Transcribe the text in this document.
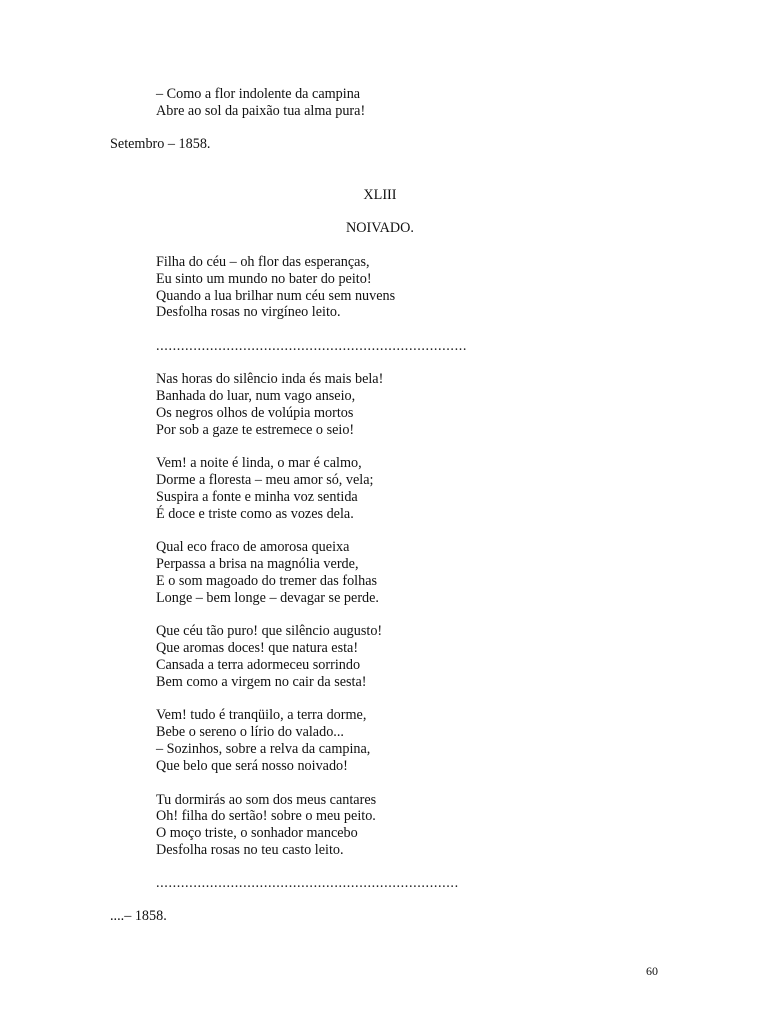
– Como a flor indolente da campina
Abre ao sol da paixão tua alma pura!
Setembro – 1858.
XLIII
NOIVADO.
Filha do céu – oh flor das esperanças,
Eu sinto um mundo no bater do peito!
Quando a lua brilhar num céu sem nuvens
Desfolha rosas no virgíneo leito.
...........................................................................
Nas horas do silêncio inda és mais bela!
Banhada do luar, num vago anseio,
Os negros olhos de volúpia mortos
Por sob a gaze te estremece o seio!
Vem! a noite é linda, o mar é calmo,
Dorme a floresta – meu amor só, vela;
Suspira a fonte e minha voz sentida
É doce e triste como as vozes dela.
Qual eco fraco de amorosa queixa
Perpassa a brisa na magnólia verde,
E o som magoado do tremer das folhas
Longe – bem longe – devagar se perde.
Que céu tão puro! que silêncio augusto!
Que aromas doces! que natura esta!
Cansada a terra adormeceu sorrindo
Bem como a virgem no cair da sesta!
Vem! tudo é tranqüilo, a terra dorme,
Bebe o sereno o lírio do valado...
– Sozinhos, sobre a relva da campina,
Que belo que será nosso noivado!
Tu dormirás ao som dos meus cantares
Oh! filha do sertão! sobre o meu peito.
O moço triste, o sonhador mancebo
Desfolha rosas no teu casto leito.
.........................................................................
....– 1858.
60
